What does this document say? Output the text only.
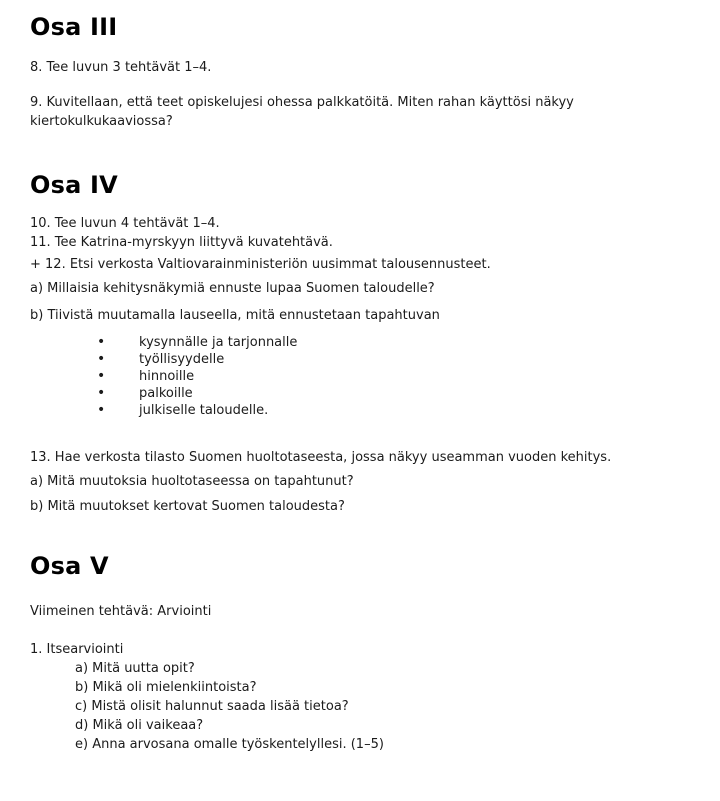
Osa III
8. Tee luvun 3 tehtävät 1–4.
9. Kuvitellaan, että teet opiskelujesi ohessa palkkatöitä. Miten rahan käyttösi näkyy kiertokulkukaaviossa?
Osa IV
10. Tee luvun 4 tehtävät 1–4.
11. Tee Katrina-myrskyyn liittyvä kuvatehtävä.
+ 12. Etsi verkosta Valtiovarainministeriön uusimmat talousennusteet.
a) Millaisia kehitysnäkymiä ennuste lupaa Suomen taloudelle?
b) Tiivistä muutamalla lauseella, mitä ennustetaan tapahtuvan
• kysynnälle ja tarjonnalle
• työllisyydelle
• hinnoille
• palkoille
• julkiselle taloudelle.
13. Hae verkosta tilasto Suomen huoltotaseesta, jossa näkyy useamman vuoden kehitys.
a) Mitä muutoksia huoltotaseessa on tapahtunut?
b) Mitä muutokset kertovat Suomen taloudesta?
Osa V
Viimeinen tehtävä: Arviointi
1. Itsearviointi
a) Mitä uutta opit?
b) Mikä oli mielenkiintoista?
c) Mistä olisit halunnut saada lisää tietoa?
d) Mikä oli vaikeaa?
e) Anna arvosana omalle työskentelyllesi. (1–5)
